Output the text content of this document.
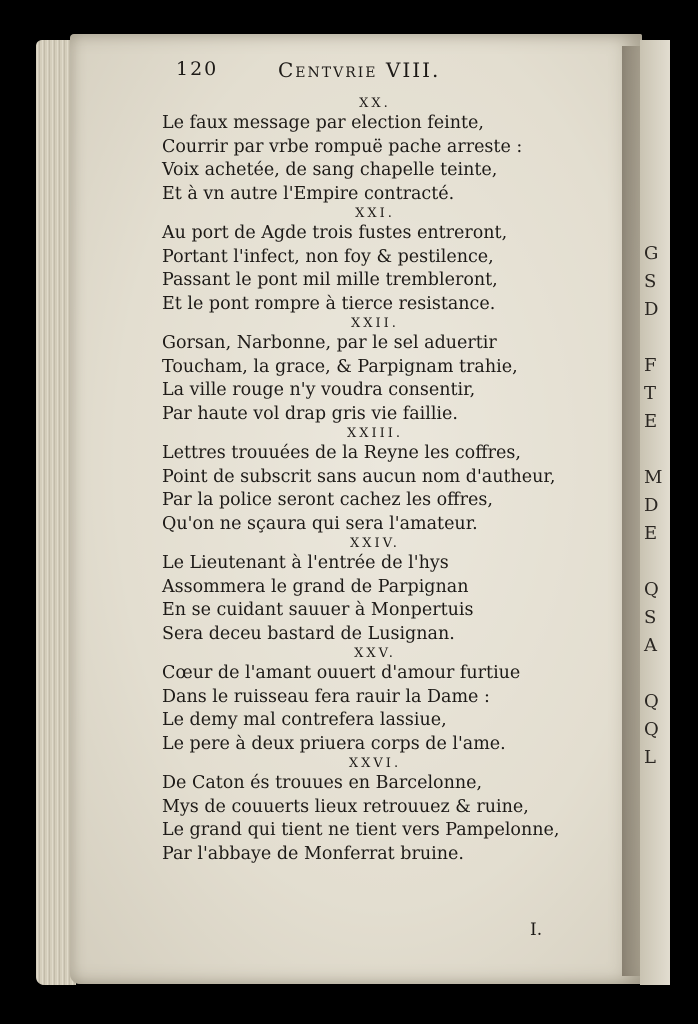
G
S
D

F
T
E

M
D
E

Q
S
A

Q
Q
L
120	Centvrie VIII.
XX.
Le faux message par election feinte,
Courrir par vrbe rompuë pache arreste :
Voix achetée, de sang chapelle teinte,
Et à vn autre l'Empire contracté.
XXI.
Au port de Agde trois fustes entreront,
Portant l'infect, non foy & pestilence,
Passant le pont mil mille trembleront,
Et le pont rompre à tierce resistance.
XXII.
Gorsan, Narbonne, par le sel aduertir
Toucham, la grace, & Parpignam trahie,
La ville rouge n'y voudra consentir,
Par haute vol drap gris vie faillie.
XXIII.
Lettres trouuées de la Reyne les coffres,
Point de subscrit sans aucun nom d'autheur,
Par la police seront cachez les offres,
Qu'on ne sçaura qui sera l'amateur.
XXIV.
Le Lieutenant à l'entrée de l'hys
Assommera le grand de Parpignan
En se cuidant sauuer à Monpertuis
Sera deceu bastard de Lusignan.
XXV.
Cœur de l'amant ouuert d'amour furtiue
Dans le ruisseau fera rauir la Dame :
Le demy mal contrefera lassiue,
Le pere à deux priuera corps de l'ame.
XXVI.
De Caton és trouues en Barcelonne,
Mys de couuerts lieux retrouuez & ruine,
Le grand qui tient ne tient vers Pampelonne,
Par l'abbaye de Monferrat bruine.
I.
